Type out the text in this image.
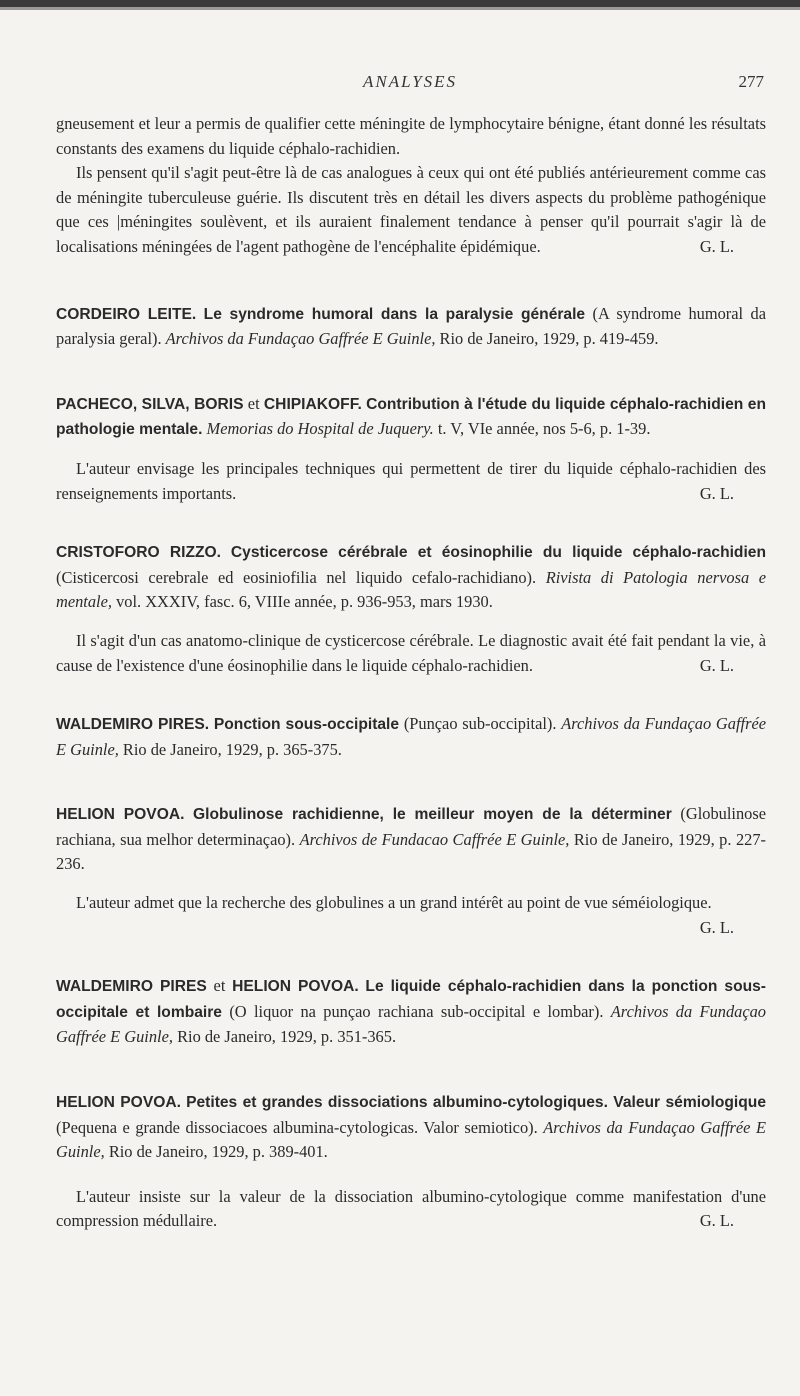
ANALYSES	277

gneusement et leur a permis de qualifier cette méningite de lymphocytaire bénigne, étant donné les résultats constants des examens du liquide céphalo-rachidien.

Ils pensent qu'il s'agit peut-être là de cas analogues à ceux qui ont été publiés antérieurement comme cas de méningite tuberculeuse guérie. Ils discutent très en détail les divers aspects du problème pathogénique que ces |méningites soulèvent, et ils auraient finalement tendance à penser qu'il pourrait s'agir là de localisations méningées de l'agent pathogène de l'encéphalite épidémique.	G. L.

CORDEIRO LEITE. Le syndrome humoral dans la paralysie générale (A syndrome humoral da paralysia geral). Archivos da Fundaçao Gaffrée E Guinle, Rio de Janeiro, 1929, p. 419-459.

PACHECO, SILVA, BORIS et CHIPIAKOFF. Contribution à l'étude du liquide céphalo-rachidien en pathologie mentale. Memorias do Hospital de Juquery. t. V, VIe année, nos 5-6, p. 1-39.

L'auteur envisage les principales techniques qui permettent de tirer du liquide céphalo-rachidien des renseignements importants.	G. L.

CRISTOFORO RIZZO. Cysticercose cérébrale et éosinophilie du liquide céphalo-rachidien (Cisticercosi cerebrale ed eosiniofilia nel liquido cefalo-rachidiano). Rivista di Patologia nervosa e mentale, vol. XXXIV, fasc. 6, VIIIe année, p. 936-953, mars 1930.

Il s'agit d'un cas anatomo-clinique de cysticercose cérébrale. Le diagnostic avait été fait pendant la vie, à cause de l'existence d'une éosinophilie dans le liquide céphalo-rachidien.	G. L.

WALDEMIRO PIRES. Ponction sous-occipitale (Punçao sub-occipital). Archivos da Fundaçao Gaffrée E Guinle, Rio de Janeiro, 1929, p. 365-375.

HELION POVOA. Globulinose rachidienne, le meilleur moyen de la déterminer (Globulinose rachiana, sua melhor determinaçao). Archivos de Fundacao Caffrée E Guinle, Rio de Janeiro, 1929, p. 227-236.

L'auteur admet que la recherche des globulines a un grand intérêt au point de vue séméiologique.
G. L.

WALDEMIRO PIRES et HELION POVOA. Le liquide céphalo-rachidien dans la ponction sous-occipitale et lombaire (O liquor na punçao rachiana sub-occipital e lombar). Archivos da Fundaçao Gaffrée E Guinle, Rio de Janeiro, 1929, p. 351-365.

HELION POVOA. Petites et grandes dissociations albumino-cytologiques. Valeur sémiologique (Pequena e grande dissociacoes albumina-cytologicas. Valor semiotico). Archivos da Fundaçao Gaffrée E Guinle, Rio de Janeiro, 1929, p. 389-401.

L'auteur insiste sur la valeur de la dissociation albumino-cytologique comme manifestation d'une compression médullaire.	G. L.
